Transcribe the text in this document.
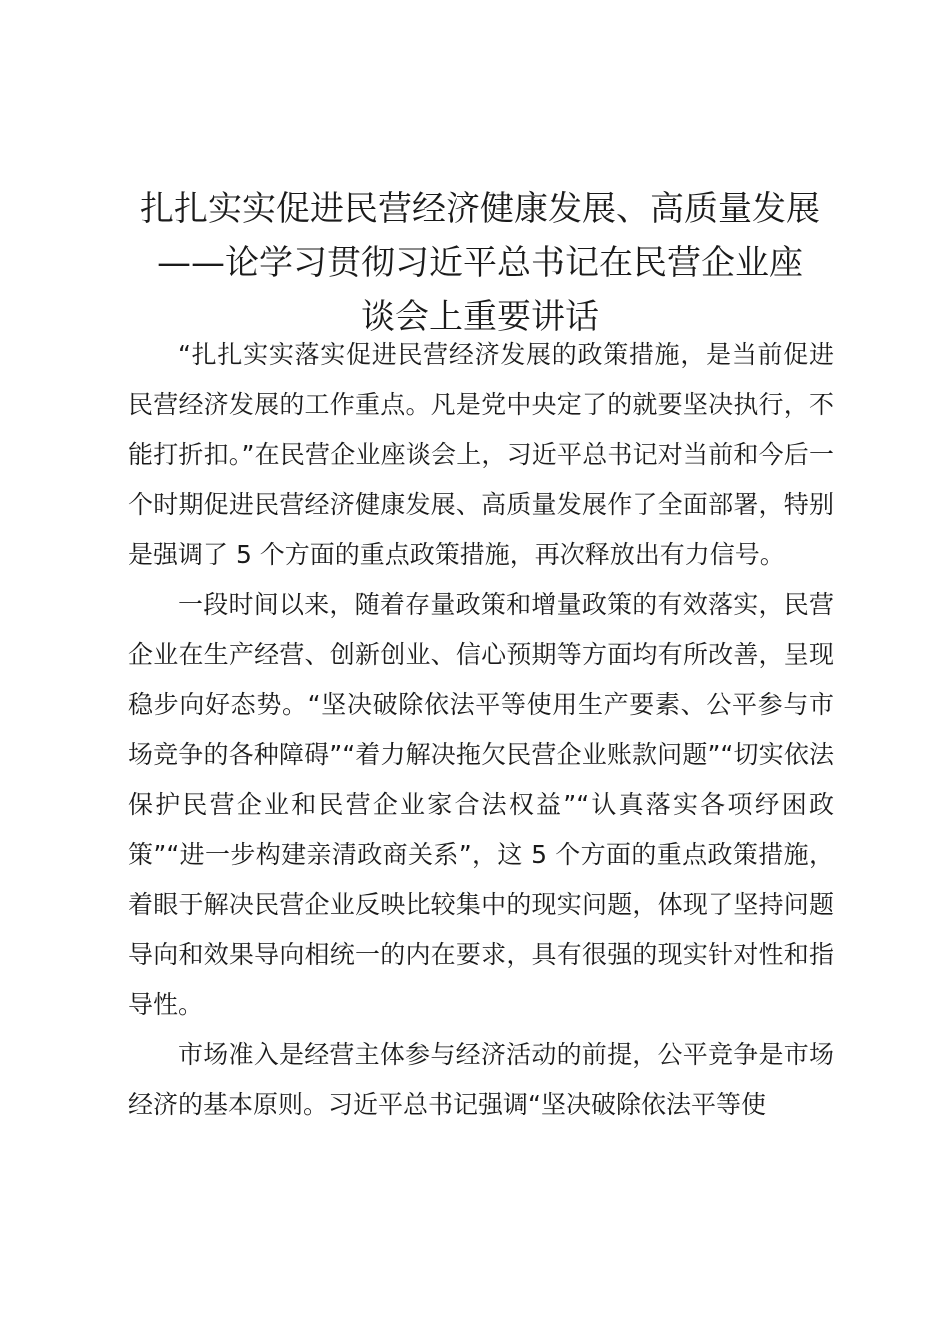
扎扎实实促进民营经济健康发展、高质量发展
——论学习贯彻习近平总书记在民营企业座
谈会上重要讲话

“扎扎实实落实促进民营经济发展的政策措施，是当前促进民营经济发展的工作重点。凡是党中央定了的就要坚决执行，不能打折扣。”在民营企业座谈会上，习近平总书记对当前和今后一个时期促进民营经济健康发展、高质量发展作了全面部署，特别是强调了 5 个方面的重点政策措施，再次释放出有力信号。

一段时间以来，随着存量政策和增量政策的有效落实，民营企业在生产经营、创新创业、信心预期等方面均有所改善，呈现稳步向好态势。“坚决破除依法平等使用生产要素、公平参与市场竞争的各种障碍”“着力解决拖欠民营企业账款问题”“切实依法保护民营企业和民营企业家合法权益”“认真落实各项纾困政策”“进一步构建亲清政商关系”，这 5 个方面的重点政策措施，着眼于解决民营企业反映比较集中的现实问题，体现了坚持问题导向和效果导向相统一的内在要求，具有很强的现实针对性和指导性。

市场准入是经营主体参与经济活动的前提，公平竞争是市场经济的基本原则。习近平总书记强调“坚决破除依法平等使
